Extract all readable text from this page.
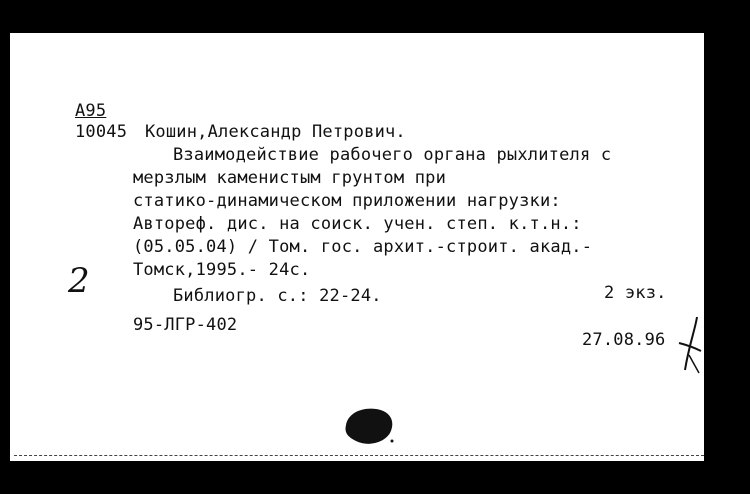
А95
10045 Кошин,Александр Петрович.
Взаимодействие рабочего органа рыхлителя с
мерзлым каменистым грунтом при
статико-динамическом приложении нагрузки:
Автореф. дис. на соиск. учен. степ. к.т.н.:
(05.05.04) / Том. гос. архит.-строит. акад.-
Томск,1995.- 24с.
Библиогр. с.: 22-24.	2 экз.
95-ЛГР-402
27.08.96
2
